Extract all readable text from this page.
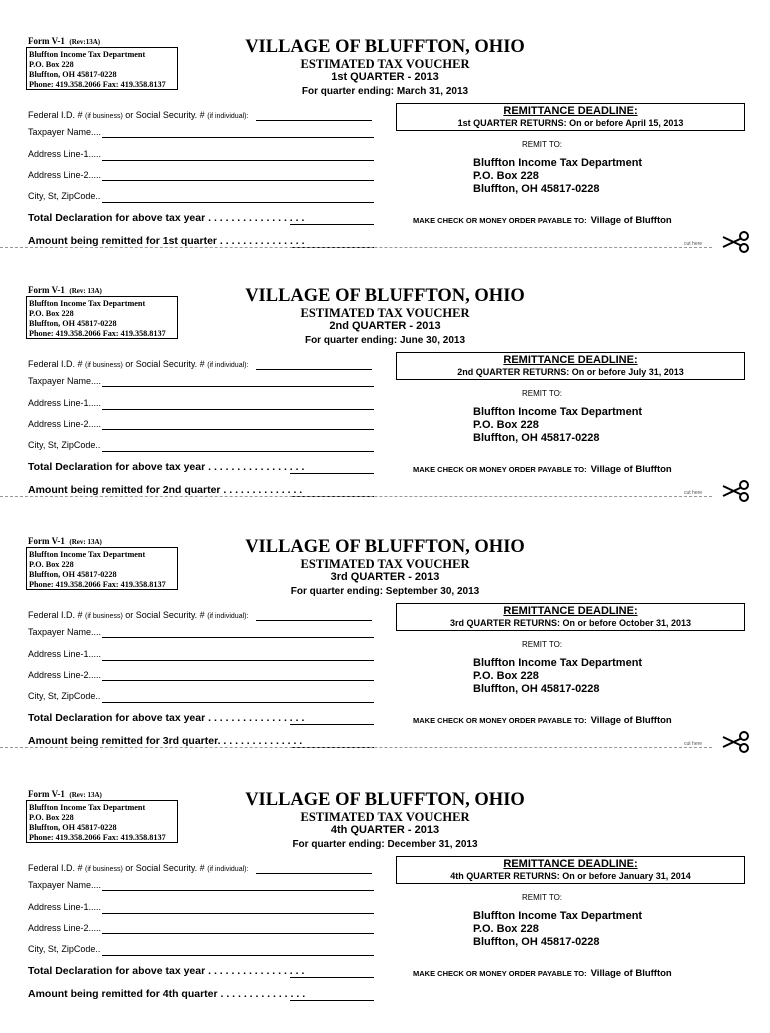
Form V-1 (Rev:13A)
Bluffton Income Tax Department
P.O. Box 228
Bluffton, OH 45817-0228
Phone: 419.358.2066 Fax: 419.358.8137
VILLAGE OF BLUFFTON, OHIO
ESTIMATED TAX VOUCHER
1st QUARTER - 2013
For quarter ending: March 31, 2013
Federal I.D. # (if business) or Social Security. # (if individual):
Taxpayer Name....
Address Line-1.....
Address Line-2.....
City, St, ZipCode..
Total Declaration for above tax year . . . . . . . . . . . . . . . . .
Amount being remitted for 1st quarter . . . . . . . . . . . . . . .
REMITTANCE DEADLINE:
1st QUARTER RETURNS: On or before April 15, 2013
REMIT TO:
Bluffton Income Tax Department
P.O. Box 228
Bluffton, OH 45817-0228
MAKE CHECK OR MONEY ORDER PAYABLE TO: Village of Bluffton
cut here
Form V-1 (Rev: 13A)
Bluffton Income Tax Department
P.O. Box 228
Bluffton, OH 45817-0228
Phone: 419.358.2066 Fax: 419.358.8137
VILLAGE OF BLUFFTON, OHIO
ESTIMATED TAX VOUCHER
2nd QUARTER - 2013
For quarter ending: June 30, 2013
Federal I.D. # (if business) or Social Security. # (if individual):
Taxpayer Name....
Address Line-1.....
Address Line-2.....
City, St, ZipCode..
Total Declaration for above tax year . . . . . . . . . . . . . . . . .
Amount being remitted for 2nd quarter . . . . . . . . . . . . . .
REMITTANCE DEADLINE:
2nd QUARTER RETURNS: On or before July 31, 2013
REMIT TO:
Bluffton Income Tax Department
P.O. Box 228
Bluffton, OH 45817-0228
MAKE CHECK OR MONEY ORDER PAYABLE TO: Village of Bluffton
cut here
Form V-1 (Rev: 13A)
Bluffton Income Tax Department
P.O. Box 228
Bluffton, OH 45817-0228
Phone: 419.358.2066 Fax: 419.358.8137
VILLAGE OF BLUFFTON, OHIO
ESTIMATED TAX VOUCHER
3rd QUARTER - 2013
For quarter ending: September 30, 2013
Federal I.D. # (if business) or Social Security. # (if individual):
Taxpayer Name....
Address Line-1.....
Address Line-2.....
City, St, ZipCode..
Total Declaration for above tax year . . . . . . . . . . . . . . . . .
Amount being remitted for 3rd quarter. . . . . . . . . . . . . . .
REMITTANCE DEADLINE:
3rd QUARTER RETURNS: On or before October 31, 2013
REMIT TO:
Bluffton Income Tax Department
P.O. Box 228
Bluffton, OH 45817-0228
MAKE CHECK OR MONEY ORDER PAYABLE TO: Village of Bluffton
cut here
Form V-1 (Rev: 13A)
Bluffton Income Tax Department
P.O. Box 228
Bluffton, OH 45817-0228
Phone: 419.358.2066 Fax: 419.358.8137
VILLAGE OF BLUFFTON, OHIO
ESTIMATED TAX VOUCHER
4th QUARTER - 2013
For quarter ending: December 31, 2013
Federal I.D. # (if business) or Social Security. # (if individual):
Taxpayer Name....
Address Line-1.....
Address Line-2.....
City, St, ZipCode..
Total Declaration for above tax year . . . . . . . . . . . . . . . . .
Amount being remitted for 4th quarter . . . . . . . . . . . . . . .
REMITTANCE DEADLINE:
4th QUARTER RETURNS: On or before January 31, 2014
REMIT TO:
Bluffton Income Tax Department
P.O. Box 228
Bluffton, OH 45817-0228
MAKE CHECK OR MONEY ORDER PAYABLE TO: Village of Bluffton
